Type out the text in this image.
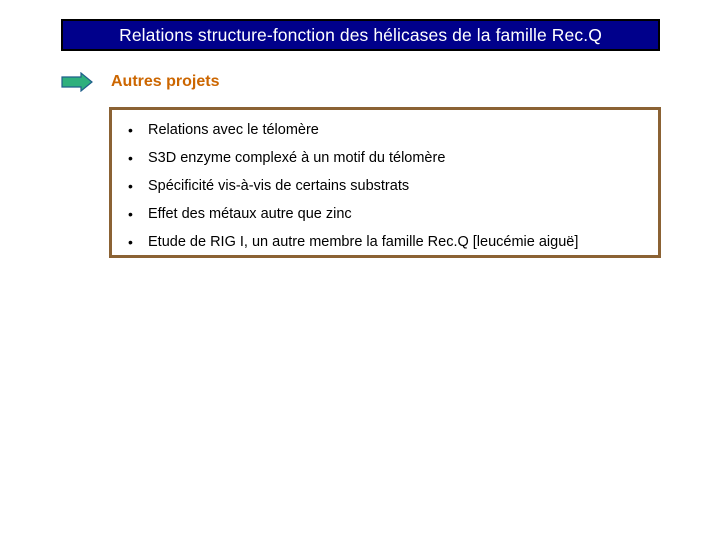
Relations structure-fonction des hélicases de la famille Rec.Q
Autres projets
• Relations avec le télomère
• S3D enzyme complexé à un motif du télomère
• Spécificité vis-à-vis de certains substrats
• Effet des métaux autre que zinc
• Etude de RIG I, un autre membre la famille Rec.Q [leucémie aiguë]
